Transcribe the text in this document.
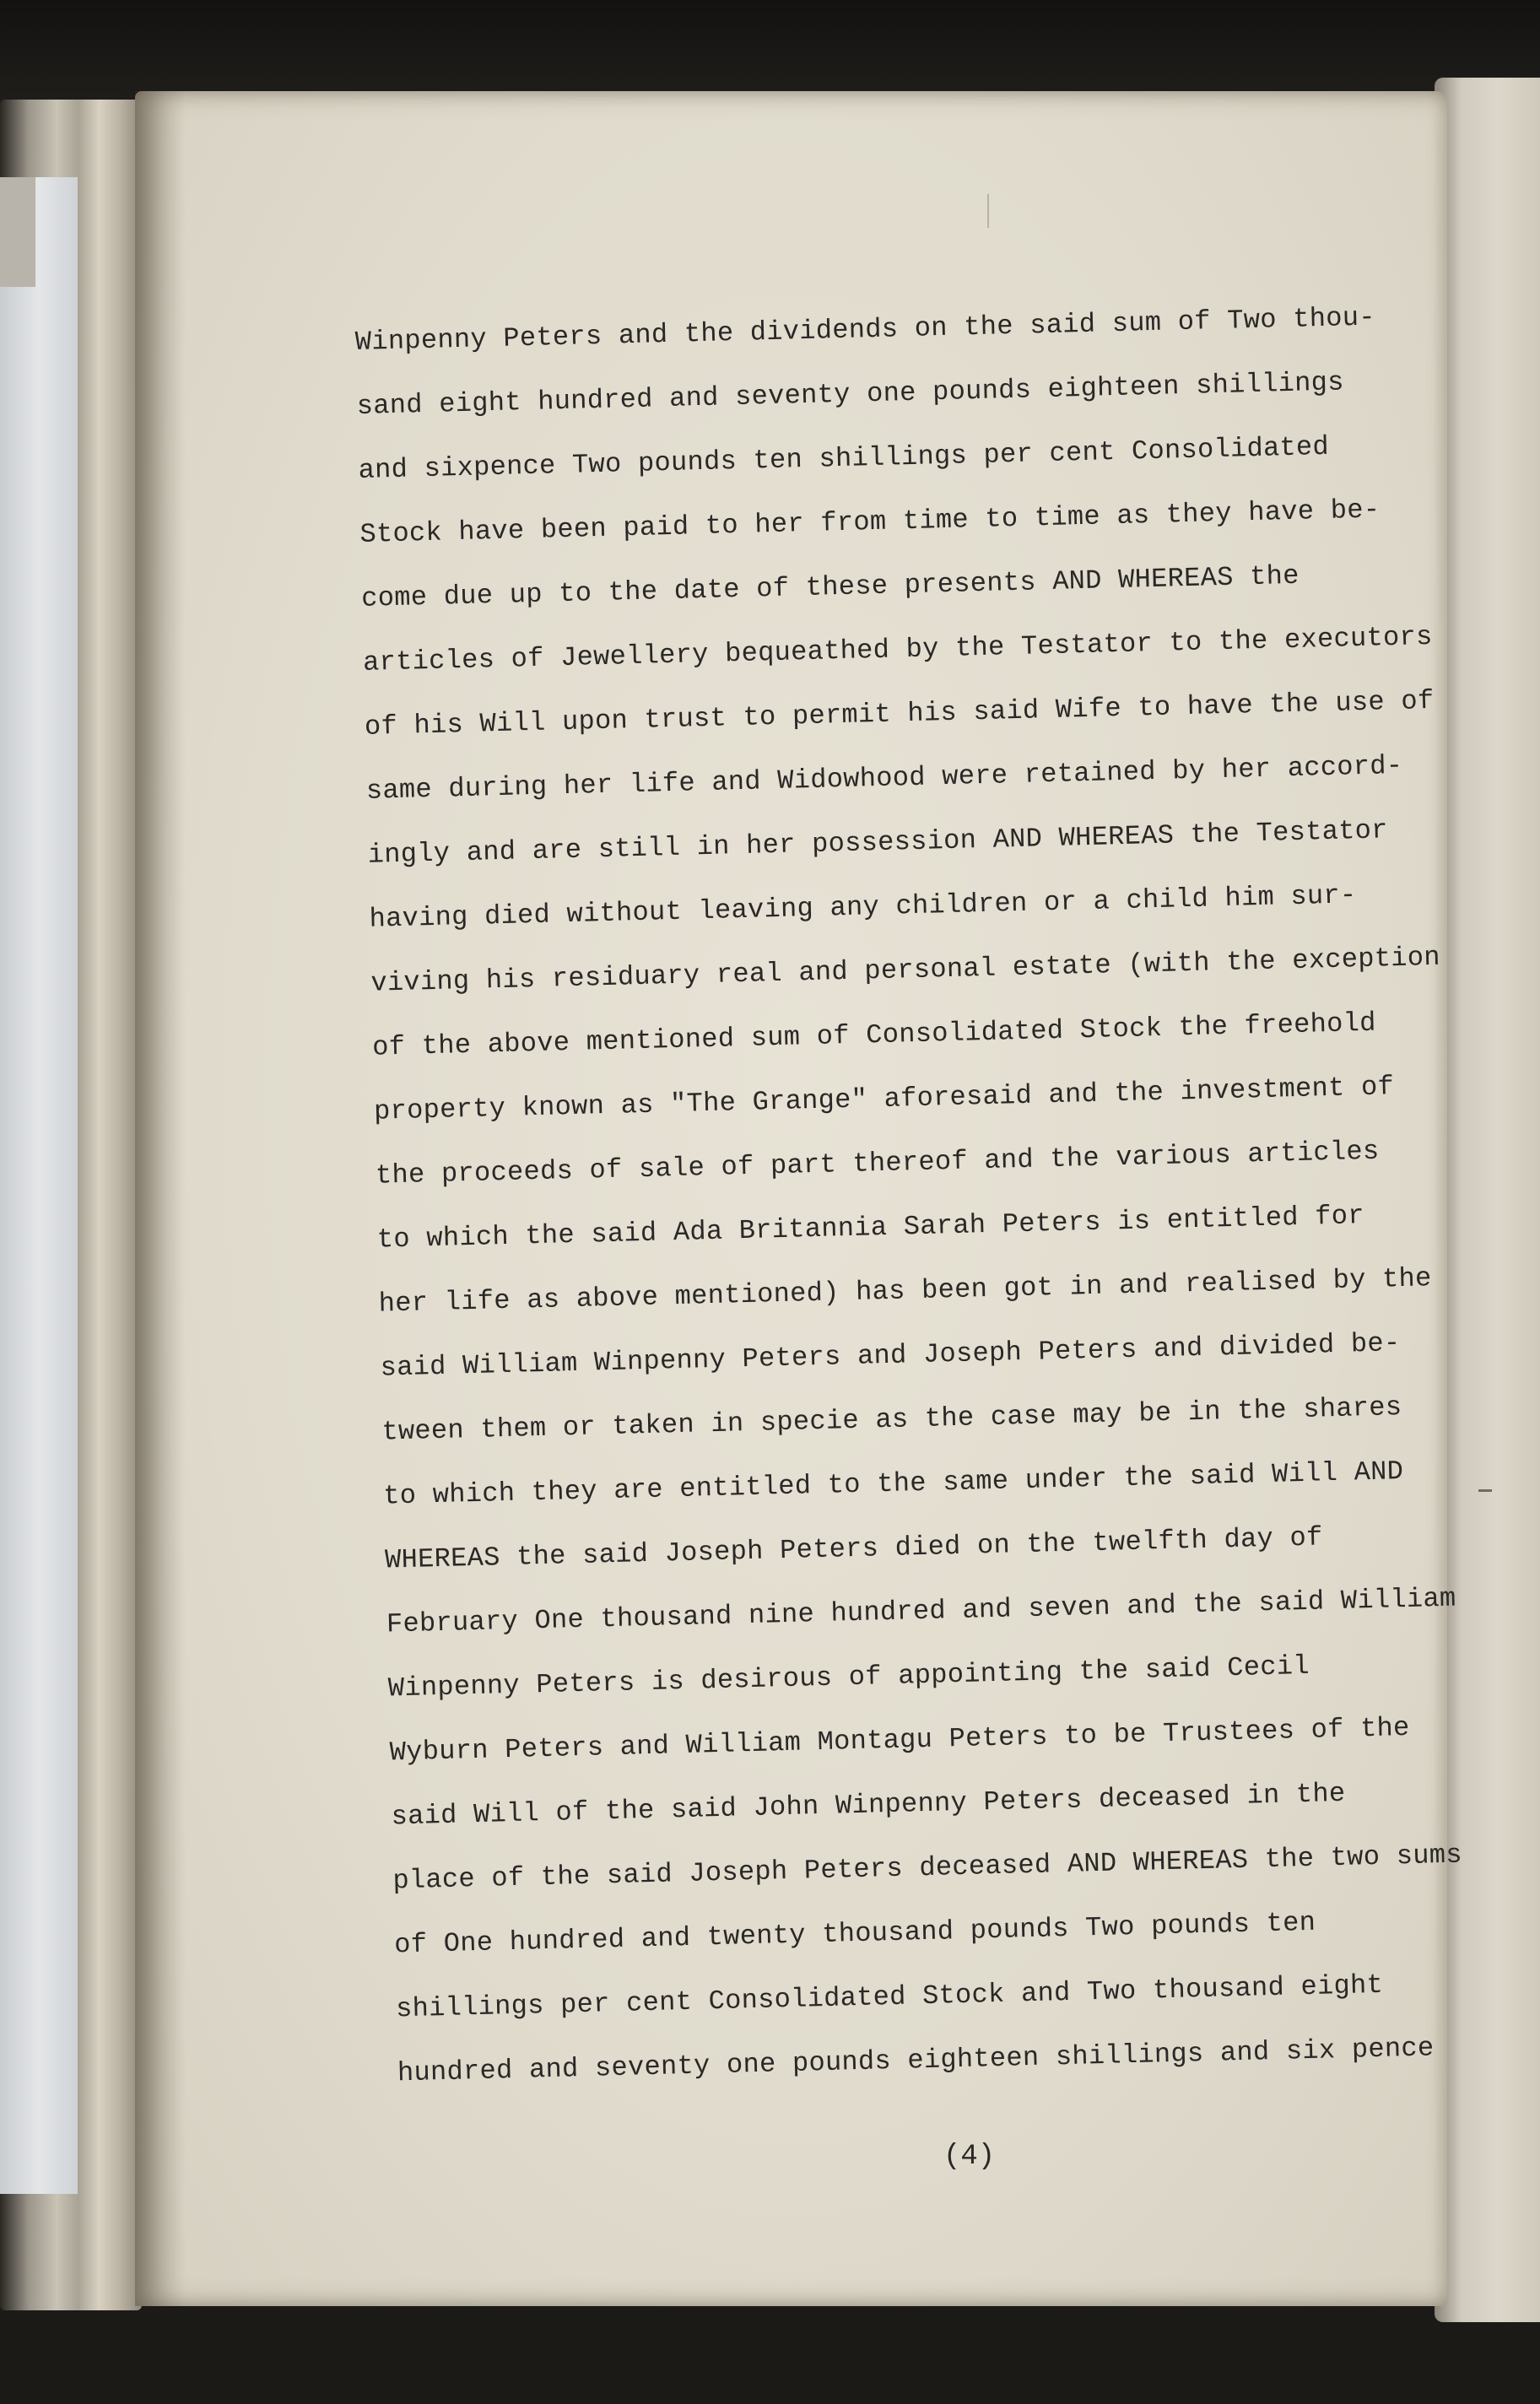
Winpenny Peters and the dividends on the said sum of Two thou-
sand eight hundred and seventy one pounds eighteen shillings
and sixpence Two pounds ten shillings per cent Consolidated
Stock have been paid to her from time to time as they have be-
come due up to the date of these presents AND WHEREAS the
articles of Jewellery bequeathed by the Testator to the executors
of his Will upon trust to permit his said Wife to have the use of
same during her life and Widowhood were retained by her accord-
ingly and are still in her possession AND WHEREAS the Testator
having died without leaving any children or a child him sur-
viving his residuary real and personal estate (with the exception
of the above mentioned sum of Consolidated Stock the freehold
property known as "The Grange" aforesaid and the investment of
the proceeds of sale of part thereof and the various articles
to which the said Ada Britannia Sarah Peters is entitled for
her life as above mentioned) has been got in and realised by the
said William Winpenny Peters and Joseph Peters and divided be-
tween them or taken in specie as the case may be in the shares
to which they are entitled to the same under the said Will AND
WHEREAS the said Joseph Peters died on the twelfth day of
February One thousand nine hundred and seven and the said William
Winpenny Peters is desirous of appointing the said Cecil
Wyburn Peters and William Montagu Peters to be Trustees of the
said Will of the said John Winpenny Peters deceased in the
place of the said Joseph Peters deceased AND WHEREAS the two sums
of One hundred and twenty thousand pounds Two pounds ten
shillings per cent Consolidated Stock and Two thousand eight
hundred and seventy one pounds eighteen shillings and six pence
(4)
